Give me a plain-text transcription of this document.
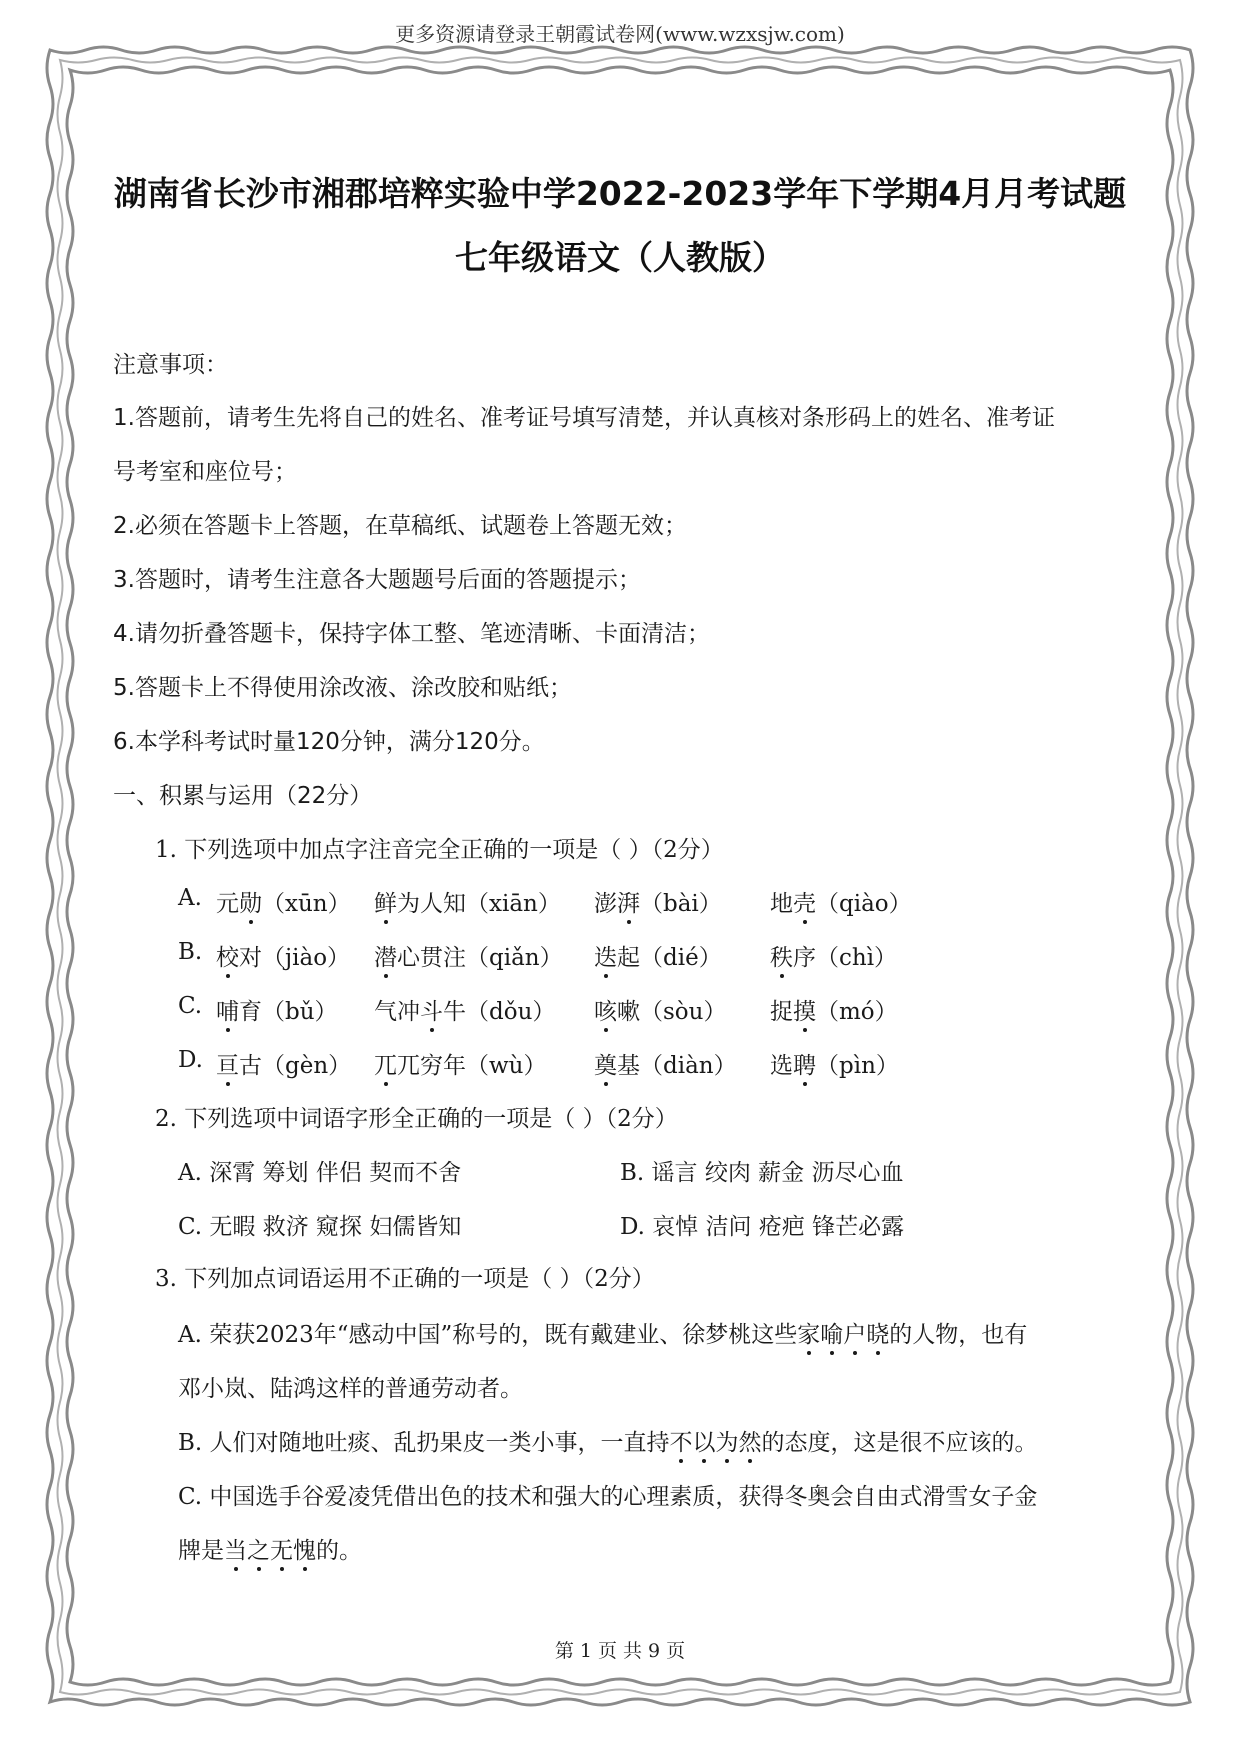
更多资源请登录王朝霞试卷网(www.wzxsjw.com)
湖南省长沙市湘郡培粹实验中学2022-2023学年下学期4月月考试题
七年级语文（人教版）
注意事项：
1.答题前，请考生先将自己的姓名、准考证号填写清楚，并认真核对条形码上的姓名、准考证
号考室和座位号；
2.必须在答题卡上答题，在草稿纸、试题卷上答题无效；
3.答题时，请考生注意各大题题号后面的答题提示；
4.请勿折叠答题卡，保持字体工整、笔迹清晰、卡面清洁；
5.答题卡上不得使用涂改液、涂改胶和贴纸；
6.本学科考试时量120分钟，满分120分。
一、积累与运用（22分）
1. 下列选项中加点字注音完全正确的一项是（ ）（2分）
A. 元勋（xūn） 鲜为人知（xiān） 澎湃（bài） 地壳（qiào）
B. 校对（jiào） 潜心贯注（qiǎn） 迭起（dié） 秩序（chì）
C. 哺育（bǔ） 气冲斗牛（dǒu） 咳嗽（sòu） 捉摸（mó）
D. 亘古（gèn） 兀兀穷年（wù） 奠基（diàn） 选聘（pìn）
2. 下列选项中词语字形全正确的一项是（ ）（2分）
A. 深霄 筹划 伴侣 契而不舍	B. 谣言 绞肉 薪金 沥尽心血
C. 无暇 救济 窥探 妇儒皆知	D. 哀悼 洁问 疮疤 锋芒必露
3. 下列加点词语运用不正确的一项是（ ）（2分）
A. 荣获2023年“感动中国”称号的，既有戴建业、徐梦桃这些家喻户晓的人物，也有
邓小岚、陆鸿这样的普通劳动者。
B. 人们对随地吐痰、乱扔果皮一类小事，一直持不以为然的态度，这是很不应该的。
C. 中国选手谷爱凌凭借出色的技术和强大的心理素质，获得冬奥会自由式滑雪女子金
牌是当之无愧的。
第 1 页 共 9 页
